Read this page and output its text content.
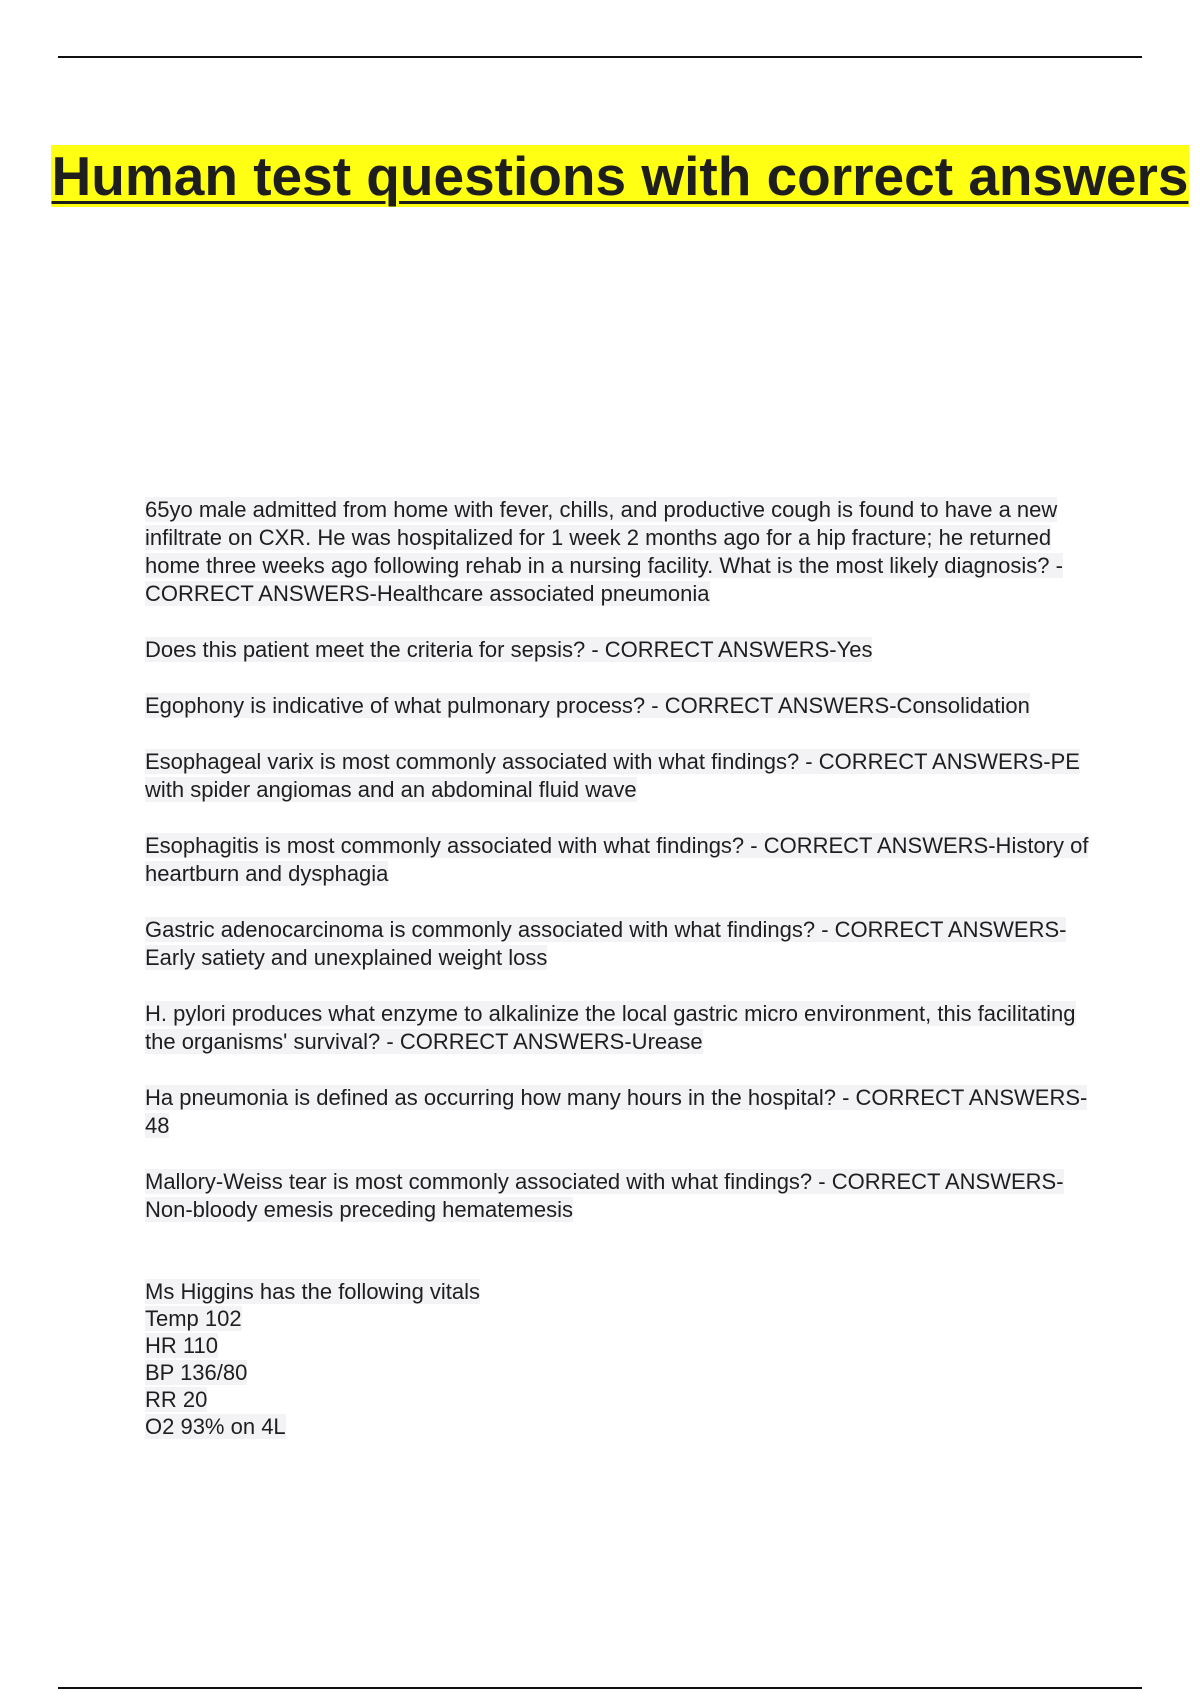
Human test questions with correct answers
65yo male admitted from home with fever, chills, and productive cough is found to have a new infiltrate on CXR. He was hospitalized for 1 week 2 months ago for a hip fracture; he returned home three weeks ago following rehab in a nursing facility. What is the most likely diagnosis? - CORRECT ANSWERS-Healthcare associated pneumonia
Does this patient meet the criteria for sepsis? - CORRECT ANSWERS-Yes
Egophony is indicative of what pulmonary process? - CORRECT ANSWERS-Consolidation
Esophageal varix is most commonly associated with what findings? - CORRECT ANSWERS-PE with spider angiomas and an abdominal fluid wave
Esophagitis is most commonly associated with what findings? - CORRECT ANSWERS-History of heartburn and dysphagia
Gastric adenocarcinoma is commonly associated with what findings? - CORRECT ANSWERS-Early satiety and unexplained weight loss
H. pylori produces what enzyme to alkalinize the local gastric micro environment, this facilitating the organisms' survival? - CORRECT ANSWERS-Urease
Ha pneumonia is defined as occurring how many hours in the hospital? - CORRECT ANSWERS-48
Mallory-Weiss tear is most commonly associated with what findings? - CORRECT ANSWERS-Non-bloody emesis preceding hematemesis
Ms Higgins has the following vitals
Temp 102
HR 110
BP 136/80
RR 20
O2 93% on 4L
